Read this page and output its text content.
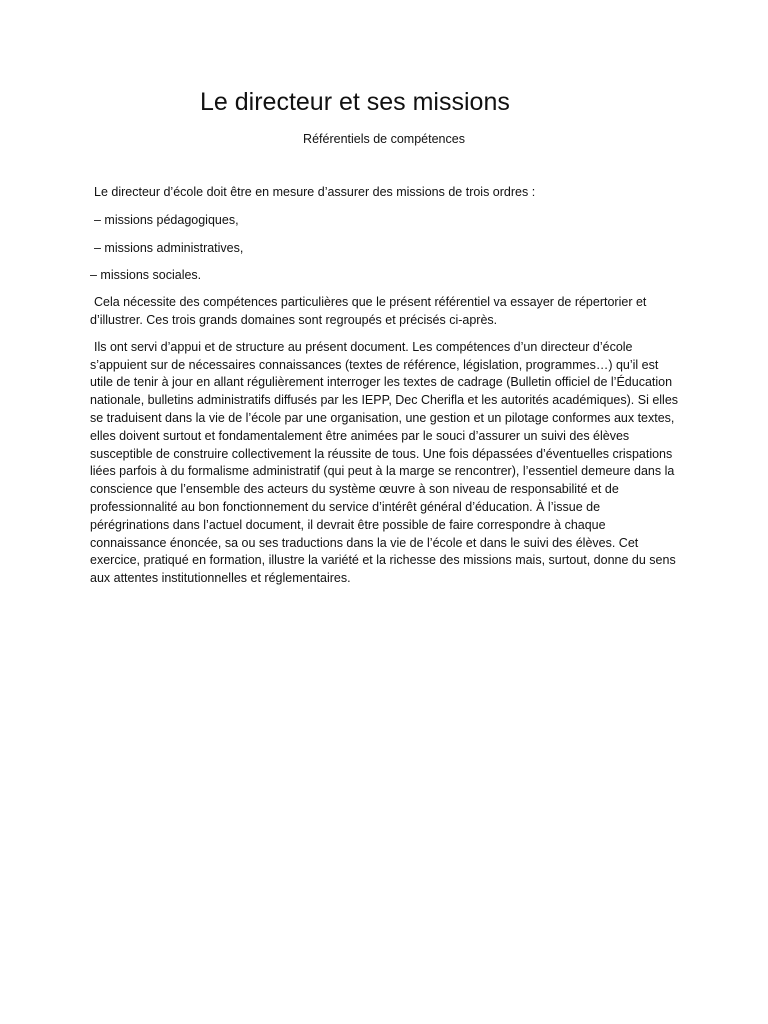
Le directeur et ses missions
Référentiels de compétences

Le directeur d’école doit être en mesure d’assurer des missions de trois ordres :

– missions pédagogiques,

– missions administratives,

– missions sociales.

Cela nécessite des compétences particulières que le présent référentiel va essayer de répertorier et d’illustrer. Ces trois grands domaines sont regroupés et précisés ci-après.

Ils ont servi d’appui et de structure au présent document. Les compétences d’un directeur d’école s’appuient sur de nécessaires connaissances (textes de référence, législation, programmes…) qu’il est utile de tenir à jour en allant régulièrement interroger les textes de cadrage (Bulletin officiel de l’Éducation nationale, bulletins administratifs diffusés par les IEPP, Dec Cherifla et les autorités académiques). Si elles se traduisent dans la vie de l’école par une organisation, une gestion et un pilotage conformes aux textes, elles doivent surtout et fondamentalement être animées par le souci d’assurer un suivi des élèves susceptible de construire collectivement la réussite de tous. Une fois dépassées d’éventuelles crispations liées parfois à du formalisme administratif (qui peut à la marge se rencontrer), l’essentiel demeure dans la conscience que l’ensemble des acteurs du système œuvre à son niveau de responsabilité et de professionnalité au bon fonctionnement du service d’intérêt général d’éducation. À l’issue de pérégrinations dans l’actuel document, il devrait être possible de faire correspondre à chaque connaissance énoncée, sa ou ses traductions dans la vie de l’école et dans le suivi des élèves. Cet exercice, pratiqué en formation, illustre la variété et la richesse des missions mais, surtout, donne du sens aux attentes institutionnelles et réglementaires.
